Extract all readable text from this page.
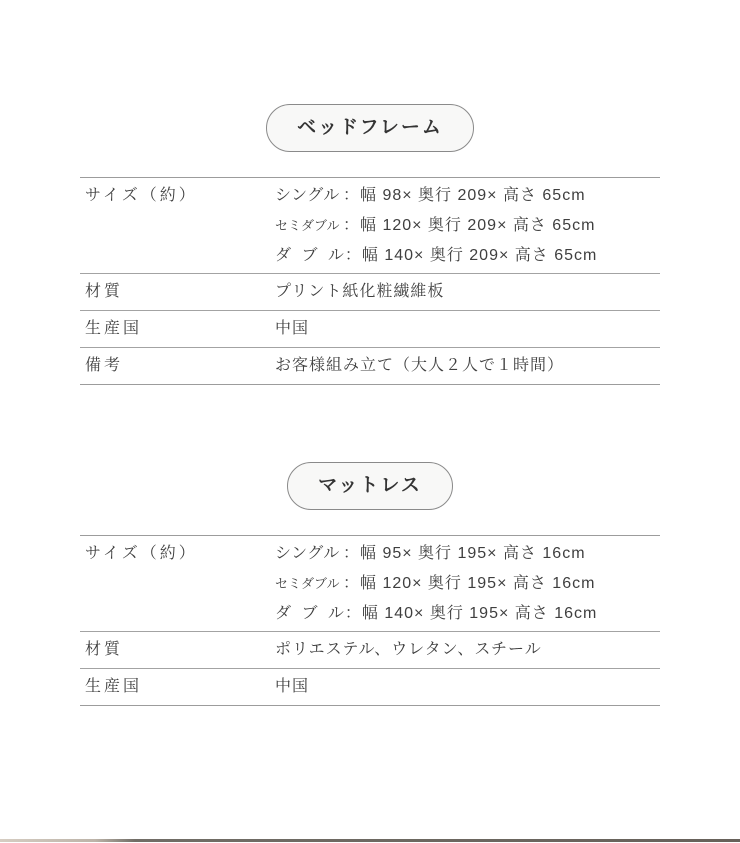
ベッドフレーム
サイズ（約）	シングル ：幅 98× 奥行 209× 高さ 65cm
セミダブル ：幅 120× 奥行 209× 高さ 65cm
ダ ブ ル：幅 140× 奥行 209× 高さ 65cm
材質	プリント紙化粧繊維板
生産国	中国
備考	お客様組み立て（大人２人で１時間）
マットレス
サイズ（約）	シングル ：幅 95× 奥行 195× 高さ 16cm
セミダブル ：幅 120× 奥行 195× 高さ 16cm
ダ ブ ル：幅 140× 奥行 195× 高さ 16cm
材質	ポリエステル、ウレタン、スチール
生産国	中国
